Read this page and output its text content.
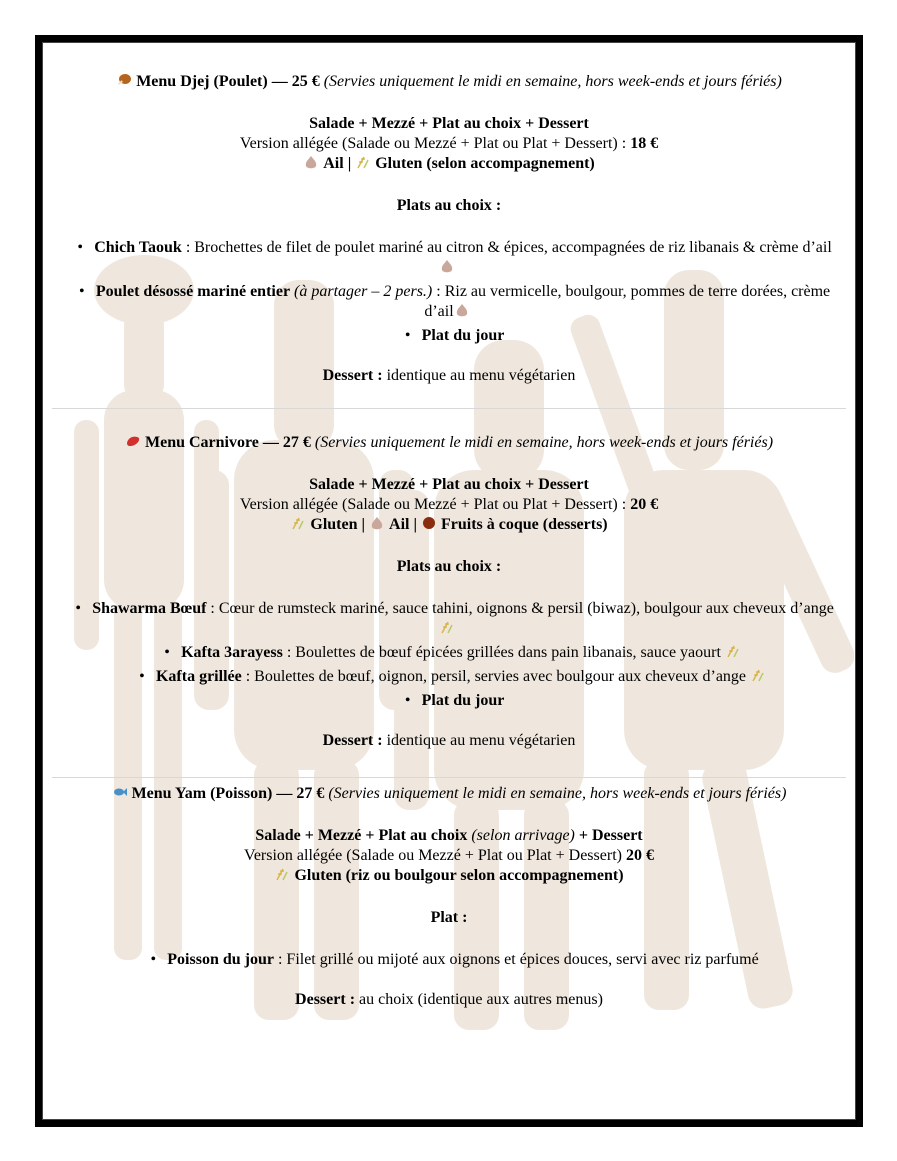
Menu Djej (Poulet) — 25 € (Servies uniquement le midi en semaine, hors week-ends et jours fériés)

Salade + Mezzé + Plat au choix + Dessert

Version allégée (Salade ou Mezzé + Plat ou Plat + Dessert) : 18 €

Ail | Gluten (selon accompagnement)

Plats au choix :

• Chich Taouk : Brochettes de filet de poulet mariné au citron & épices, accompagnées de riz libanais & crème d’ail
• Poulet désossé mariné entier (à partager – 2 pers.) : Riz au vermicelle, boulgour, pommes de terre dorées, crème d’ail
• Plat du jour

Dessert : identique au menu végétarien

Menu Carnivore — 27 € (Servies uniquement le midi en semaine, hors week-ends et jours fériés)

Salade + Mezzé + Plat au choix + Dessert

Version allégée (Salade ou Mezzé + Plat ou Plat + Dessert) : 20 €

Gluten | Ail | Fruits à coque (desserts)

Plats au choix :

• Shawarma Bœuf : Cœur de rumsteck mariné, sauce tahini, oignons & persil (biwaz), boulgour aux cheveux d’ange
• Kafta 3arayess : Boulettes de bœuf épicées grillées dans pain libanais, sauce yaourt
• Kafta grillée : Boulettes de bœuf, oignon, persil, servies avec boulgour aux cheveux d’ange
• Plat du jour

Dessert : identique au menu végétarien

Menu Yam (Poisson) — 27 € (Servies uniquement le midi en semaine, hors week-ends et jours fériés)

Salade + Mezzé + Plat au choix (selon arrivage) + Dessert

Version allégée (Salade ou Mezzé + Plat ou Plat + Dessert) 20 €

Gluten (riz ou boulgour selon accompagnement)

Plat :

• Poisson du jour : Filet grillé ou mijoté aux oignons et épices douces, servi avec riz parfumé

Dessert : au choix (identique aux autres menus)
